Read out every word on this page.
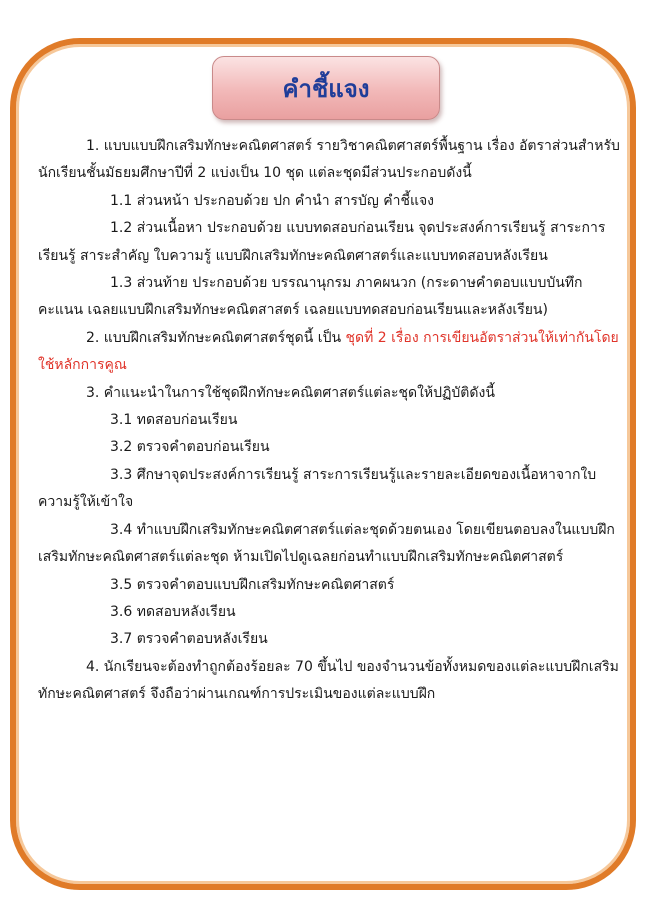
คำชี้แจง

1. แบบแบบฝึกเสริมทักษะคณิตศาสตร์ รายวิชาคณิตศาสตร์พื้นฐาน เรื่อง อัตราส่วนสำหรับนักเรียนชั้นมัธยมศึกษาปีที่ 2 แบ่งเป็น 10 ชุด แต่ละชุดมีส่วนประกอบดังนี้

1.1 ส่วนหน้า ประกอบด้วย ปก คำนำ สารบัญ คำชี้แจง

1.2 ส่วนเนื้อหา ประกอบด้วย แบบทดสอบก่อนเรียน จุดประสงค์การเรียนรู้ สาระการเรียนรู้ สาระสำคัญ ใบความรู้ แบบฝึกเสริมทักษะคณิตศาสตร์และแบบทดสอบหลังเรียน

1.3 ส่วนท้าย ประกอบด้วย บรรณานุกรม ภาคผนวก (กระดาษคำตอบแบบบันทึกคะแนน เฉลยแบบฝึกเสริมทักษะคณิตสาสตร์ เฉลยแบบทดสอบก่อนเรียนและหลังเรียน)

2. แบบฝึกเสริมทักษะคณิตศาสตร์ชุดนี้ เป็น ชุดที่ 2 เรื่อง การเขียนอัตราส่วนให้เท่ากันโดยใช้หลักการคูณ

3. คำแนะนำในการใช้ชุดฝึกทักษะคณิตศาสตร์แต่ละชุดให้ปฏิบัติดังนี้

3.1 ทดสอบก่อนเรียน

3.2 ตรวจคำตอบก่อนเรียน

3.3 ศึกษาจุดประสงค์การเรียนรู้ สาระการเรียนรู้และรายละเอียดของเนื้อหาจากใบความรู้ให้เข้าใจ

3.4 ทำแบบฝึกเสริมทักษะคณิตศาสตร์แต่ละชุดด้วยตนเอง โดยเขียนตอบลงในแบบฝึกเสริมทักษะคณิตศาสตร์แต่ละชุด ห้ามเปิดไปดูเฉลยก่อนทำแบบฝึกเสริมทักษะคณิตศาสตร์

3.5 ตรวจคำตอบแบบฝึกเสริมทักษะคณิตศาสตร์

3.6 ทดสอบหลังเรียน

3.7 ตรวจคำตอบหลังเรียน

4. นักเรียนจะต้องทำถูกต้องร้อยละ 70 ขึ้นไป ของจำนวนข้อทั้งหมดของแต่ละแบบฝึกเสริมทักษะคณิตศาสตร์ จึงถือว่าผ่านเกณฑ์การประเมินของแต่ละแบบฝึก
